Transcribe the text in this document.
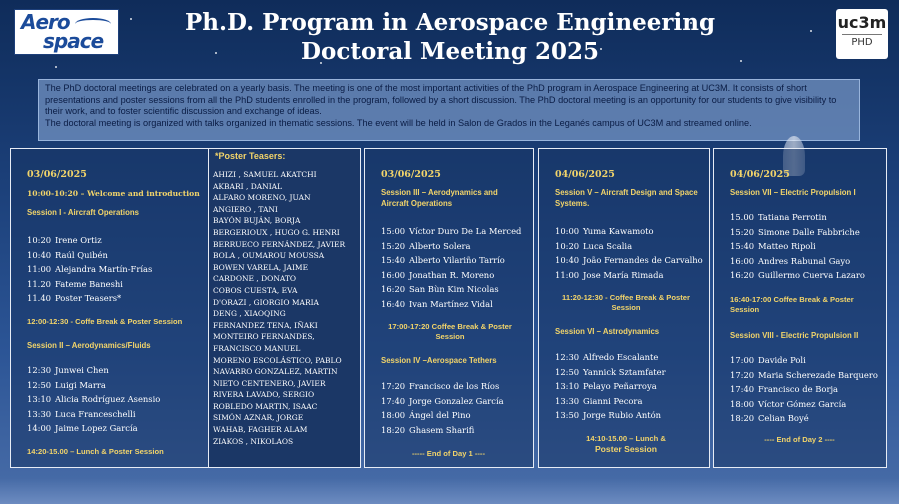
Aero
space
Ph.D. Program in Aerospace Engineering
Doctoral Meeting 2025
uc3m
PHD

The PhD doctoral meetings are celebrated on a yearly basis. The meeting is one of the most important activities of the PhD program in Aerospace Engineering at UC3M. It consists of short presentations and poster sessions from all the PhD students enrolled in the program, followed by a short discussion. The PhD doctoral meeting is an opportunity for our students to give visibility to their work, and to foster scientific discussion and exchange of ideas.

The doctoral meeting is organized with talks organized in thematic sessions. The event will be held in Salon de Grados in the Leganés campus of UC3M and streamed online.

03/06/2025
10:00-10:20 – Welcome and introduction
Session I - Aircraft Operations
10:20 Irene Ortiz
10:40 Raúl Quibén
11:00 Alejandra Martín-Frías
11.20 Fateme Baneshi
11.40 Poster Teasers*
12:00-12:30 - Coffe Break & Poster Session
Session II – Aerodynamics/Fluids
12:30 Junwei Chen
12:50 Luigi Marra
13:10 Alicia Rodríguez Asensio
13:30 Luca Franceschelli
14:00 Jaime Lopez García
14:20-15.00 – Lunch & Poster Session
*Poster Teasers:
AHIZI , SAMUEL AKATCHI
AKBARI , DANIAL
ALFARO MORENO, JUAN
ANGIERO , TANI
BAYÓN BUJÁN, BORJA
BERGERIOUX , HUGO G. HENRI
BERRUECO FERNÁNDEZ, JAVIER
BOLA , OUMAROU MOUSSA
BOWEN VARELA, JAIME
CARDONE , DONATO
COBOS CUESTA, EVA
D'ORAZI , GIORGIO MARIA
DENG , XIAOQING
FERNANDEZ TENA, IÑAKI
MONTEIRO FERNANDES,
FRANCISCO MANUEL
MORENO ESCOLÁSTICO, PABLO
NAVARRO GONZALEZ, MARTIN
NIETO CENTENERO, JAVIER
RIVERA LAVADO, SERGIO
ROBLEDO MARTIN, ISAAC
SIMÓN AZNAR, JORGE
WAHAB, FAGHER ALAM
ZIAKOS , NIKOLAOS
03/06/2025
Session III – Aerodynamics and Aircraft Operations
15:00 Víctor Duro De La Merced
15:20 Alberto Solera
15:40 Alberto Vilariño Tarrío
16:00 Jonathan R. Moreno
16:20 San Bùn Kim Nicolas
16:40 Ivan Martínez Vidal
17:00-17:20 Coffee Break & Poster Session
Session IV –Aerospace Tethers
17:20 Francisco de los Ríos
17:40 Jorge Gonzalez García
18:00 Ángel del Pino
18:20 Ghasem Sharifi
----- End of Day 1 ----
04/06/2025
Session V – Aircraft Design and Space Systems.
10:00 Yuma Kawamoto
10:20 Luca Scalia
10:40 João Fernandes de Carvalho
11:00 Jose María Rimada
11:20-12:30 - Coffee Break & Poster Session
Session VI – Astrodynamics
12:30 Alfredo Escalante
12:50 Yannick Sztamfater
13:10 Pelayo Peñarroya
13:30 Gianni Pecora
13:50 Jorge Rubio Antón
14:10-15.00 – Lunch &
Poster Session
04/06/2025
Session VII – Electric Propulsion I
15.00 Tatiana Perrotin
15:20 Simone Dalle Fabbriche
15:40 Matteo Ripoli
16:00 Andres Rabunal Gayo
16:20 Guillermo Cuerva Lazaro
16:40-17:00 Coffee Break & Poster Session
Session VIII - Electric Propulsion II
17:00 Davide Poli
17:20 Maria Scherezade Barquero
17:40 Francisco de Borja
18:00 Víctor Gómez García
18:20 Celian Boyé
---- End of Day 2 ----
